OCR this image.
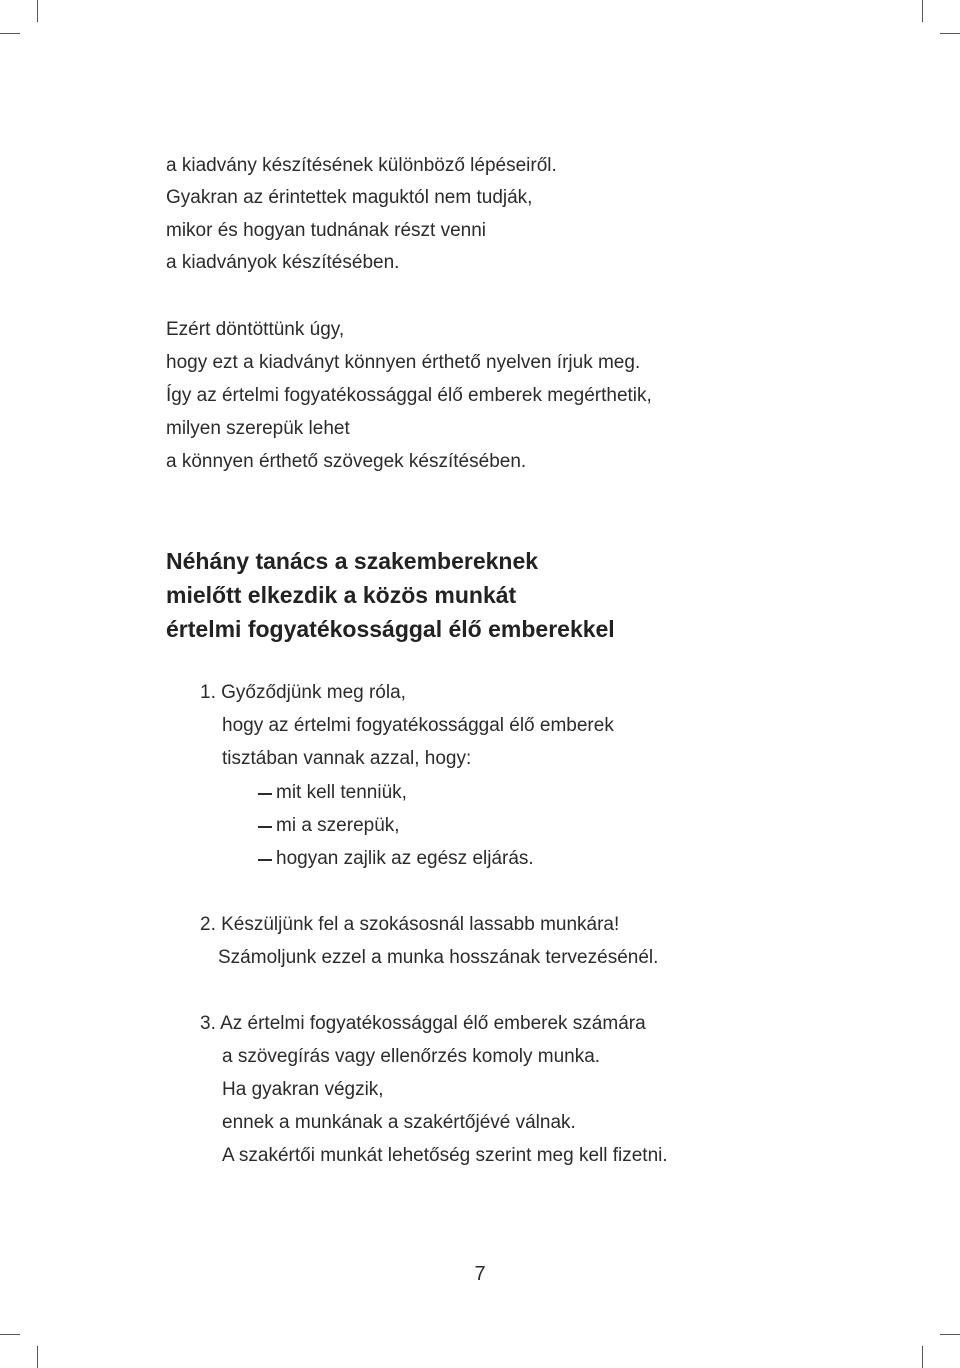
a kiadvány készítésének különböző lépéseiről.
Gyakran az érintettek maguktól nem tudják,
mikor és hogyan tudnának részt venni
a kiadványok készítésében.
Ezért döntöttünk úgy,
hogy ezt a kiadványt könnyen érthető nyelven írjuk meg.
Így az értelmi fogyatékossággal élő emberek megérthetik,
milyen szerepük lehet
a könnyen érthető szövegek készítésében.
Néhány tanács a szakembereknek
mielőtt elkezdik a közös munkát
értelmi fogyatékossággal élő emberekkel
1. Győződjünk meg róla,
hogy az értelmi fogyatékossággal élő emberek
tisztában vannak azzal, hogy:
mit kell tenniük,
mi a szerepük,
hogyan zajlik az egész eljárás.
2. Készüljünk fel a szokásosnál lassabb munkára!
Számoljunk ezzel a munka hosszának tervezésénél.
3. Az értelmi fogyatékossággal élő emberek számára
a szövegírás vagy ellenőrzés komoly munka.
Ha gyakran végzik,
ennek a munkának a szakértőjévé válnak.
A szakértői munkát lehetőség szerint meg kell fizetni.
7
